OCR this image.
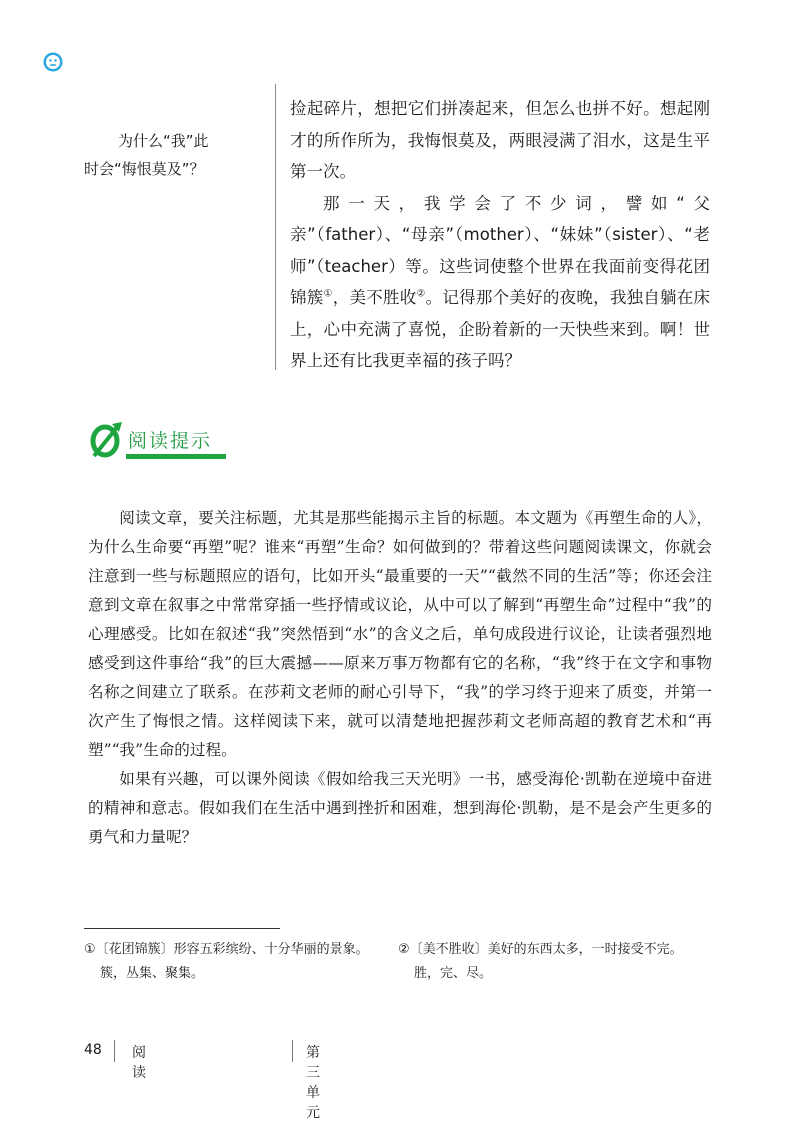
为什么“我”此
时会“悔恨莫及”？

捡起碎片，想把它们拼凑起来，但怎么也拼不好。想起刚才的所作所为，我悔恨莫及，两眼浸满了泪水，这是生平第一次。

那一天，我学会了不少词，譬如“父亲”（father）、“母亲”（mother）、“妹妹”（sister）、“老师”（teacher）等。这些词使整个世界在我面前变得花团锦簇①，美不胜收②。记得那个美好的夜晚，我独自躺在床上，心中充满了喜悦，企盼着新的一天快些来到。啊！世界上还有比我更幸福的孩子吗？

阅读提示

阅读文章，要关注标题，尤其是那些能揭示主旨的标题。本文题为《再塑生命的人》，为什么生命要“再塑”呢？谁来“再塑”生命？如何做到的？带着这些问题阅读课文，你就会注意到一些与标题照应的语句，比如开头“最重要的一天”“截然不同的生活”等；你还会注意到文章在叙事之中常常穿插一些抒情或议论，从中可以了解到“再塑生命”过程中“我”的心理感受。比如在叙述“我”突然悟到“水”的含义之后，单句成段进行议论，让读者强烈地感受到这件事给“我”的巨大震撼——原来万事万物都有它的名称，“我”终于在文字和事物名称之间建立了联系。在莎莉文老师的耐心引导下，“我”的学习终于迎来了质变，并第一次产生了悔恨之情。这样阅读下来，就可以清楚地把握莎莉文老师高超的教育艺术和“再塑”“我”生命的过程。

如果有兴趣，可以课外阅读《假如给我三天光明》一书，感受海伦·凯勒在逆境中奋进的精神和意志。假如我们在生活中遇到挫折和困难，想到海伦·凯勒，是不是会产生更多的勇气和力量呢？

①〔花团锦簇〕形容五彩缤纷、十分华丽的景象。
簇，丛集、聚集。
②〔美不胜收〕美好的东西太多，一时接受不完。
胜，完、尽。
48 阅读
第三单元
